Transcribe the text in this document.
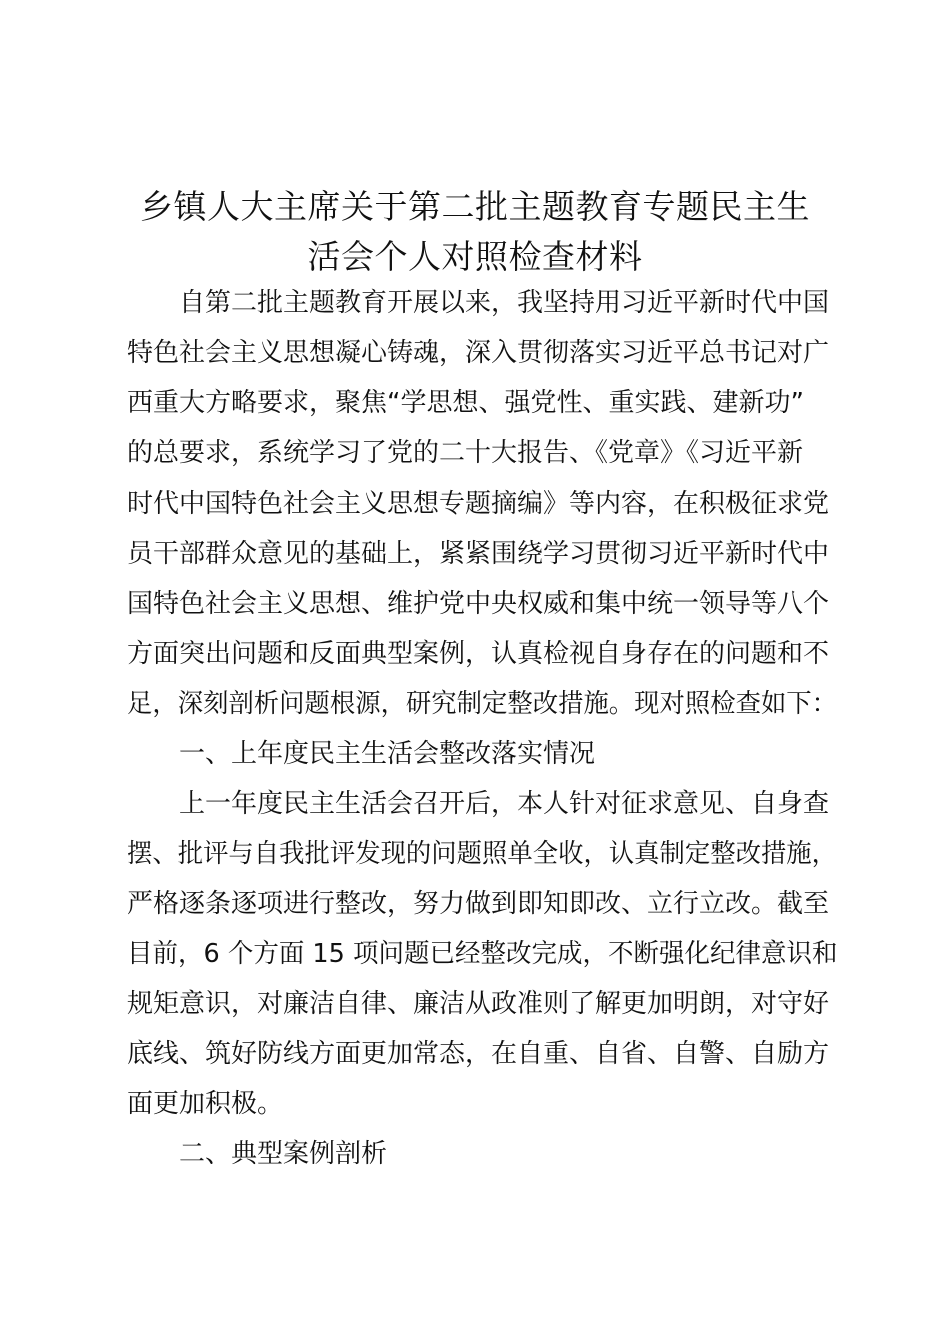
乡镇人大主席关于第二批主题教育专题民主生
活会个人对照检查材料
自第二批主题教育开展以来，我坚持用习近平新时代中国
特色社会主义思想凝心铸魂，深入贯彻落实习近平总书记对广
西重大方略要求，聚焦“学思想、强党性、重实践、建新功”
的总要求，系统学习了党的二十大报告、《党章》《习近平新
时代中国特色社会主义思想专题摘编》等内容，在积极征求党
员干部群众意见的基础上，紧紧围绕学习贯彻习近平新时代中
国特色社会主义思想、维护党中央权威和集中统一领导等八个
方面突出问题和反面典型案例，认真检视自身存在的问题和不
足，深刻剖析问题根源，研究制定整改措施。现对照检查如下：
一、上年度民主生活会整改落实情况
上一年度民主生活会召开后，本人针对征求意见、自身查
摆、批评与自我批评发现的问题照单全收，认真制定整改措施，
严格逐条逐项进行整改，努力做到即知即改、立行立改。截至
目前，6 个方面 15 项问题已经整改完成，不断强化纪律意识和
规矩意识，对廉洁自律、廉洁从政准则了解更加明朗，对守好
底线、筑好防线方面更加常态，在自重、自省、自警、自励方
面更加积极。
二、典型案例剖析
